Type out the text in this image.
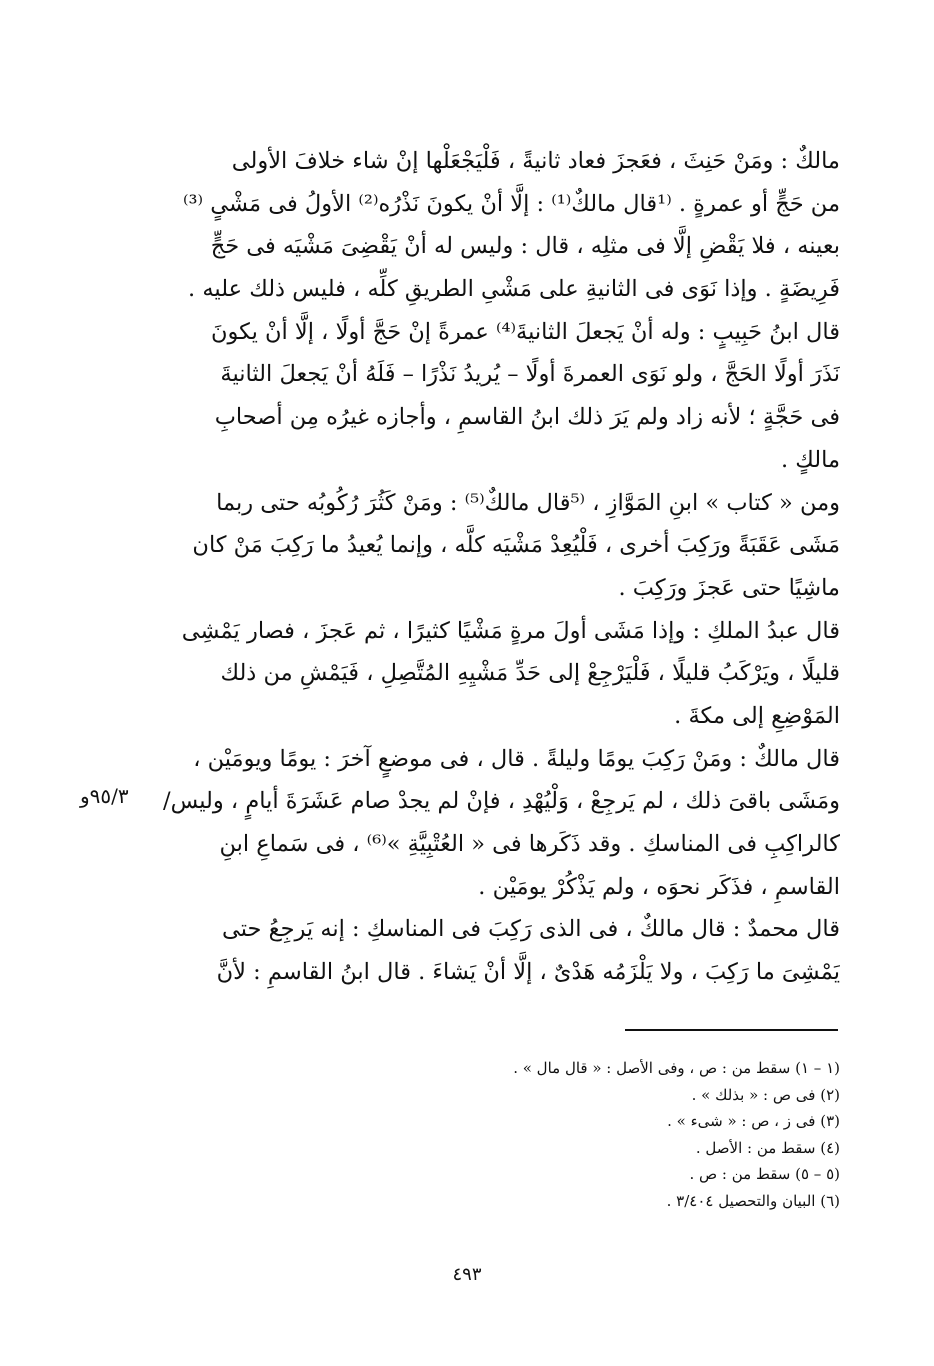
مالكٌ : ومَنْ حَنِثَ ، فعَجزَ فعاد ثانيةً ، فَلْيَجْعَلْها إنْ شاء خلافَ الأولى
من حَجٍّ أو عمرةٍ . ⁽¹قال مالكٌ⁽¹⁾ : إلَّا أنْ يكونَ نَذْرُه⁽²⁾ الأولُ فى مَشْىٍ ⁽³⁾
بعينه ، فلا يَقْضِ إلَّا فى مثلِه ، قال : وليس له أنْ يَقْضِىَ مَشْيَه فى حَجٍّ
فَرِيضَةٍ . وإذا نَوَى فى الثانيةِ على مَشْىِ الطريقِ كلِّه ، فليس ذلك عليه .
قال ابنُ حَبِيبٍ : وله أنْ يَجعلَ الثانيةَ⁽⁴⁾ عمرةً إنْ حَجَّ أولًا ، إلَّا أنْ يكونَ
نَذَرَ أولًا الحَجَّ ، ولو نَوَى العمرةَ أولًا – يُريدُ نَذْرًا – فَلَهُ أنْ يَجعلَ الثانيةَ
فى حَجَّةٍ ؛ لأنه زاد ولم يَرَ ذلك ابنُ القاسمِ ، وأجازه غيرُه مِن أصحابِ
مالكٍ .
ومن « كتاب » ابنِ المَوَّازِ ، ⁽⁵قال مالكٌ⁽⁵⁾ : ومَنْ كَثُرَ رُكُوبُه حتى ربما
مَشَى عَقَبَةً ورَكِبَ أخرى ، فَلْيُعِدْ مَشْيَه كلَّه ، وإنما يُعيدُ ما رَكِبَ مَنْ كان
ماشِيًا حتى عَجزَ ورَكِبَ .
قال عبدُ الملكِ : وإذا مَشَى أولَ مرةٍ مَشْيًا كثيرًا ، ثم عَجزَ ، فصار يَمْشِى
قليلًا ، ويَرْكَبُ قليلًا ، فَلْيَرْجِعْ إلى حَدِّ مَشْيِهِ المُتَّصِلِ ، فَيَمْشِ من ذلك
المَوْضِعِ إلى مكةَ .
قال مالكٌ : ومَنْ رَكِبَ يومًا وليلةً . قال ، فى موضعٍ آخرَ : يومًا ويومَيْن ،
ومَشَى باقىَ ذلك ، لم يَرجِعْ ، وَلْيُهْدِ ، فإنْ لم يجدْ صام عَشَرَةَ أيامٍ ، وليس/
كالراكِبِ فى المناسكِ . وقد ذَكَرها فى « العُتْبِيَّةِ »⁽⁶⁾ ، فى سَماعِ ابنِ
القاسمِ ، فذَكَر نحوَه ، ولم يَذْكُرْ يومَيْن .
قال محمدٌ : قال مالكٌ ، فى الذى رَكِبَ فى المناسكِ : إنه يَرجِعُ حتى
يَمْشِىَ ما رَكِبَ ، ولا يَلْزَمُه هَدْىٌ ، إلَّا أنْ يَشاءَ . قال ابنُ القاسمِ : لأنَّ
٩٥/٣و
(١ – ١) سقط من : ص ، وفى الأصل : « قال مال » .
(٢) فى ص : « بذلك » .
(٣) فى ز ، ص : « شىء » .
(٤) سقط من : الأصل .
(٥ – ٥) سقط من : ص .
(٦) البيان والتحصيل ٣/٤٠٤ .
٤٩٣
